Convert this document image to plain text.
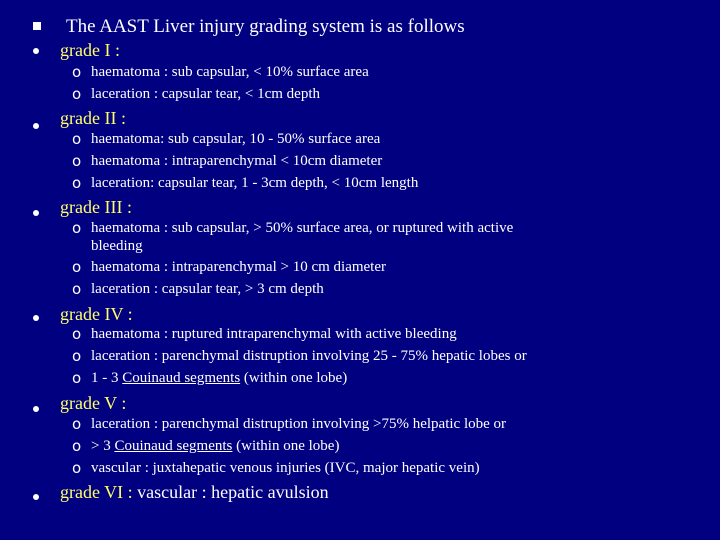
The AAST Liver injury grading system is as follows
grade I :
o haematoma : sub capsular, < 10% surface area
o laceration : capsular tear, < 1cm depth
grade II :
o haematoma: sub capsular, 10 - 50% surface area
o haematoma : intraparenchymal < 10cm diameter
o laceration: capsular tear, 1 - 3cm depth, < 10cm length
grade III :
o haematoma : sub capsular, > 50% surface area, or ruptured with active
bleeding
o haematoma : intraparenchymal > 10 cm diameter
o laceration : capsular tear, > 3 cm depth
grade IV :
o haematoma : ruptured intraparenchymal with active bleeding
o laceration : parenchymal distruption involving 25 - 75% hepatic lobes or
o 1 - 3 Couinaud segments (within one lobe)
grade V :
o laceration : parenchymal distruption involving >75% helpatic lobe or
o > 3 Couinaud segments (within one lobe)
o vascular : juxtahepatic venous injuries (IVC, major hepatic vein)
grade VI : vascular : hepatic avulsion
